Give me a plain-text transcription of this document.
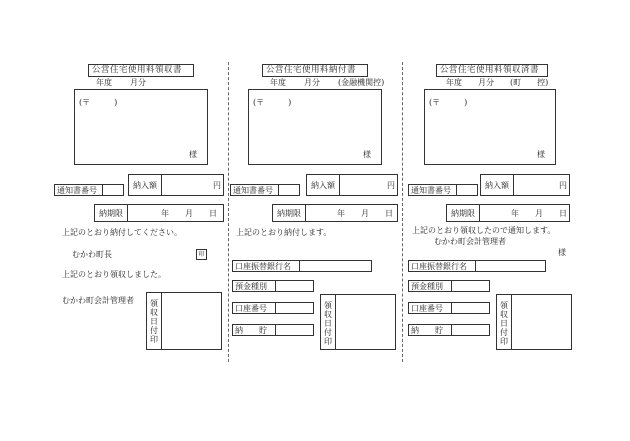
公営住宅使用料領収書
年度 月分
(〒　　　)
様
通知書番号
納入額	円
納期限	年　　月　　日
上記のとおり納付してください。
むかわ町長	印
上記のとおり領収しました。
むかわ町会計管理者 領収日付印
公営住宅使用料納付書
年度 月分 (金融機関控)
(〒　　　)
様
通知書番号
納入額	円
納期限	年　　月　　日
上記のとおり納付します。
口座振替銀行名
預金種別
口座番号
納　　貯
領収日付印
公営住宅使用料領収済書
年度 月分 (町　　控)
(〒　　　)
様
通知書番号
納入額	円
納期限	年　　月　　日
上記のとおり領収したので通知します。
むかわ町会計管理者
様
口座振替銀行名
預金種別
口座番号
納　　貯
領収日付印
